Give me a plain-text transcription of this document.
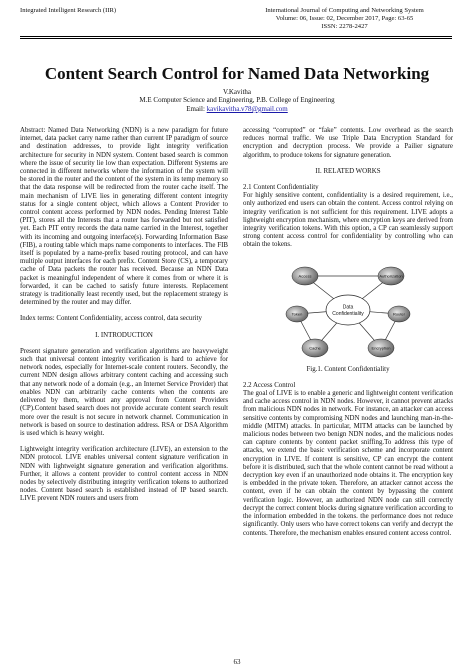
Integrated Intelligent Research (IIR)	International Journal of Computing and Networking System
Volume: 06, Issue: 02, December 2017, Page: 63-65
ISSN: 2278-2427
Content Search Control for Named Data Networking
V.Kavitha
M.E Computer Science and Engineering, P.B. College of Engineering
Email: kavikavitha.v78@gmail.com

Abstract: Named Data Networking (NDN) is a new paradigm for future internet, data packet carry name rather than current IP paradigm of source and destination addresses, to provide light integrity verification architecture for security in NDN system. Content based search is common where the issue of security lie low than expectation. Different Systems are connected in different networks where the information of the system will be stored in the router and the content of the system in its temp memory so that the data response will be redirected from the router cache itself. The main mechanism of LIVE lies in generating different content integrity status for a single content object, which allows a Content Provider to control content access performed by NDN nodes. Pending Interest Table (PIT), stores all the Interests that a router has forwarded but not satisfied yet. Each PIT entry records the data name carried in the Interest, together with its incoming and outgoing interface(s). Forwarding Information Base (FIB), a routing table which maps name components to interfaces. The FIB itself is populated by a name-prefix based routing protocol, and can have multiple output interfaces for each prefix. Content Store (CS), a temporary cache of Data packets the router has received. Because an NDN Data packet is meaningful independent of where it comes from or where it is forwarded, it can be cached to satisfy future interests. Replacement strategy is traditionally least recently used, but the replacement strategy is determined by the router and may differ.

Index terms: Content Confidentiality, access control, data security

I. INTRODUCTION

Present signature generation and verification algorithms are heavyweight such that universal content integrity verification is hard to achieve for network nodes, especially for Internet-scale content routers. Secondly, the current NDN design allows arbitrary content caching and accessing such that any network node of a domain (e.g., an Internet Service Provider) that enables NDN can arbitrarily cache contents when the contents are delivered by them, without any approval from Content Providers (CP).Content based search does not provide accurate content search result more over the result is not secure in network channel. Communication in network is based on source to destination address. RSA or DSA Algorithm is used which is heavy weight.

Lightweight integrity verification architecture (LIVE), an extension to the NDN protocol. LIVE enables universal content signature verification in NDN with lightweight signature generation and verification algorithms. Further, it allows a content provider to control content access in NDN nodes by selectively distributing integrity verification tokens to authorized nodes. Content based search is established instead of IP based search. LIVE prevent NDN routers and users from

accessing “corrupted” or “fake” contents. Low overhead as the search reduces normal traffic. We use Triple Data Encryption Standard for encryption and decryption process. We provide a Pailier signature algorithm, to produce tokens for signature generation.

II. RELATED WORKS

2.1 Content Confidentiality

For highly sensitive content, confidentiality is a desired requirement, i.e., only authorized end users can obtain the content. Access control relying on integrity verification is not sufficient for this requirement. LIVE adopts a lightweight encryption mechanism, where encryption keys are derived from integrity verification tokens. With this option, a CP can seamlessly support strong content access control for confidentiality by controlling who can obtain the tokens.

Access	Authorization
Token	Router
Cache	Encryption
Data
Confidentiality

Fig.1. Content Confidentiality

2.2 Access Control

The goal of LIVE is to enable a generic and lightweight content verification and cache access control in NDN nodes. However, it cannot prevent attacks from malicious NDN nodes in network. For instance, an attacker can access sensitive contents by compromising NDN nodes and launching man-in-the-middle (MITM) attacks. In particular, MITM attacks can be launched by malicious nodes between two benign NDN nodes, and the malicious nodes can capture contents by content packet sniffing.To address this type of attacks, we extend the basic verification scheme and incorporate content encryption in LIVE. If content is sensitive, CP can encrypt the content before it is distributed, such that the whole content cannot be read without a decryption key even if an unauthorized node obtains it. The encryption key is embedded in the private token. Therefore, an attacker cannot access the content, even if he can obtain the content by bypassing the content verification logic. However, an authorized NDN node can still correctly decrypt the correct content blocks during signature verification according to the information embedded in the tokens. the performance does not reduce significantly. Only users who have correct tokens can verify and decrypt the contents. Therefore, the mechanism enables ensured content access control.

63
